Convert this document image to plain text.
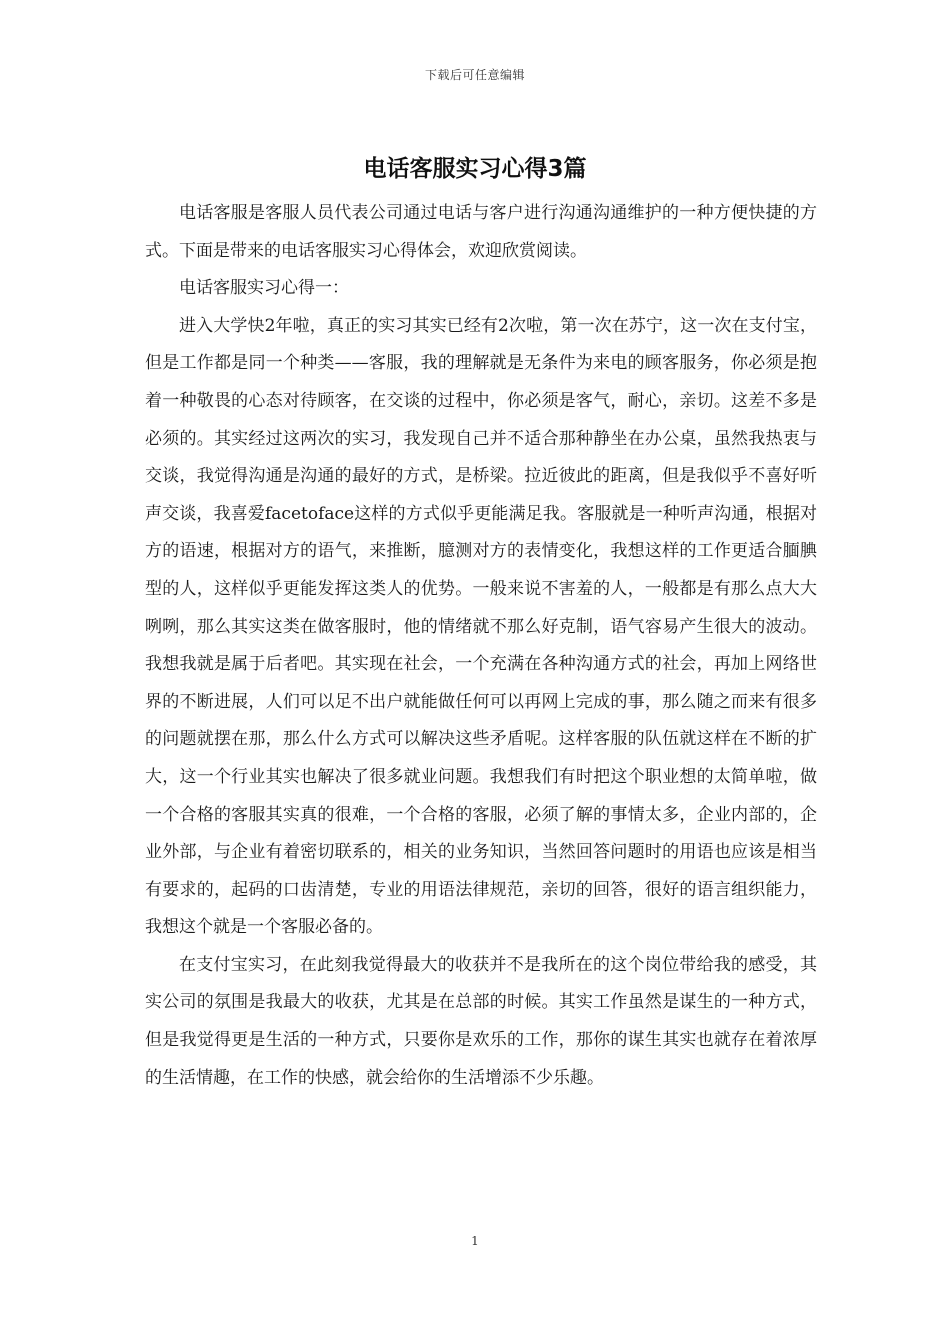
下载后可任意编辑
电话客服实习心得3篇

电话客服是客服人员代表公司通过电话与客户进行沟通沟通维护的一种方便快捷的方式。下面是带来的电话客服实习心得体会，欢迎欣赏阅读。

电话客服实习心得一：

进入大学快2年啦，真正的实习其实已经有2次啦，第一次在苏宁，这一次在支付宝，但是工作都是同一个种类——客服，我的理解就是无条件为来电的顾客服务，你必须是抱着一种敬畏的心态对待顾客，在交谈的过程中，你必须是客气，耐心，亲切。这差不多是必须的。其实经过这两次的实习，我发现自己并不适合那种静坐在办公桌，虽然我热衷与交谈，我觉得沟通是沟通的最好的方式，是桥梁。拉近彼此的距离，但是我似乎不喜好听声交谈，我喜爱facetoface这样的方式似乎更能满足我。客服就是一种听声沟通，根据对方的语速，根据对方的语气，来推断，臆测对方的表情变化，我想这样的工作更适合腼腆型的人，这样似乎更能发挥这类人的优势。一般来说不害羞的人，一般都是有那么点大大咧咧，那么其实这类在做客服时，他的情绪就不那么好克制，语气容易产生很大的波动。我想我就是属于后者吧。其实现在社会，一个充满在各种沟通方式的社会，再加上网络世界的不断进展，人们可以足不出户就能做任何可以再网上完成的事，那么随之而来有很多的问题就摆在那，那么什么方式可以解决这些矛盾呢。这样客服的队伍就这样在不断的扩大，这一个行业其实也解决了很多就业问题。我想我们有时把这个职业想的太简单啦，做一个合格的客服其实真的很难，一个合格的客服，必须了解的事情太多，企业内部的，企业外部，与企业有着密切联系的，相关的业务知识，当然回答问题时的用语也应该是相当有要求的，起码的口齿清楚，专业的用语法律规范，亲切的回答，很好的语言组织能力，我想这个就是一个客服必备的。

在支付宝实习，在此刻我觉得最大的收获并不是我所在的这个岗位带给我的感受，其实公司的氛围是我最大的收获，尤其是在总部的时候。其实工作虽然是谋生的一种方式，但是我觉得更是生活的一种方式，只要你是欢乐的工作，那你的谋生其实也就存在着浓厚的生活情趣，在工作的快感，就会给你的生活增添不少乐趣。

1
